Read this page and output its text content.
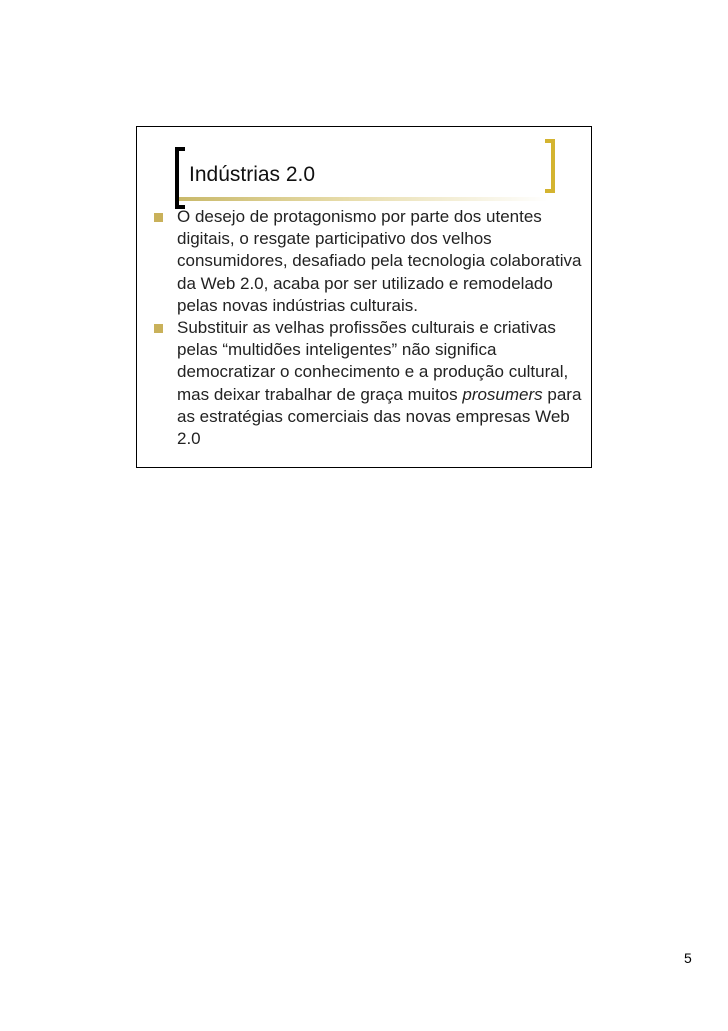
Indústrias 2.0
O desejo de protagonismo por parte dos utentes digitais, o resgate participativo dos velhos consumidores, desafiado pela tecnologia colaborativa da Web 2.0, acaba por ser utilizado e remodelado pelas novas indústrias culturais.
Substituir as velhas profissões culturais e criativas pelas “multidões inteligentes” não significa democratizar o conhecimento e a produção cultural, mas deixar trabalhar de graça muitos prosumers para as estratégias comerciais das novas empresas Web 2.0
5
